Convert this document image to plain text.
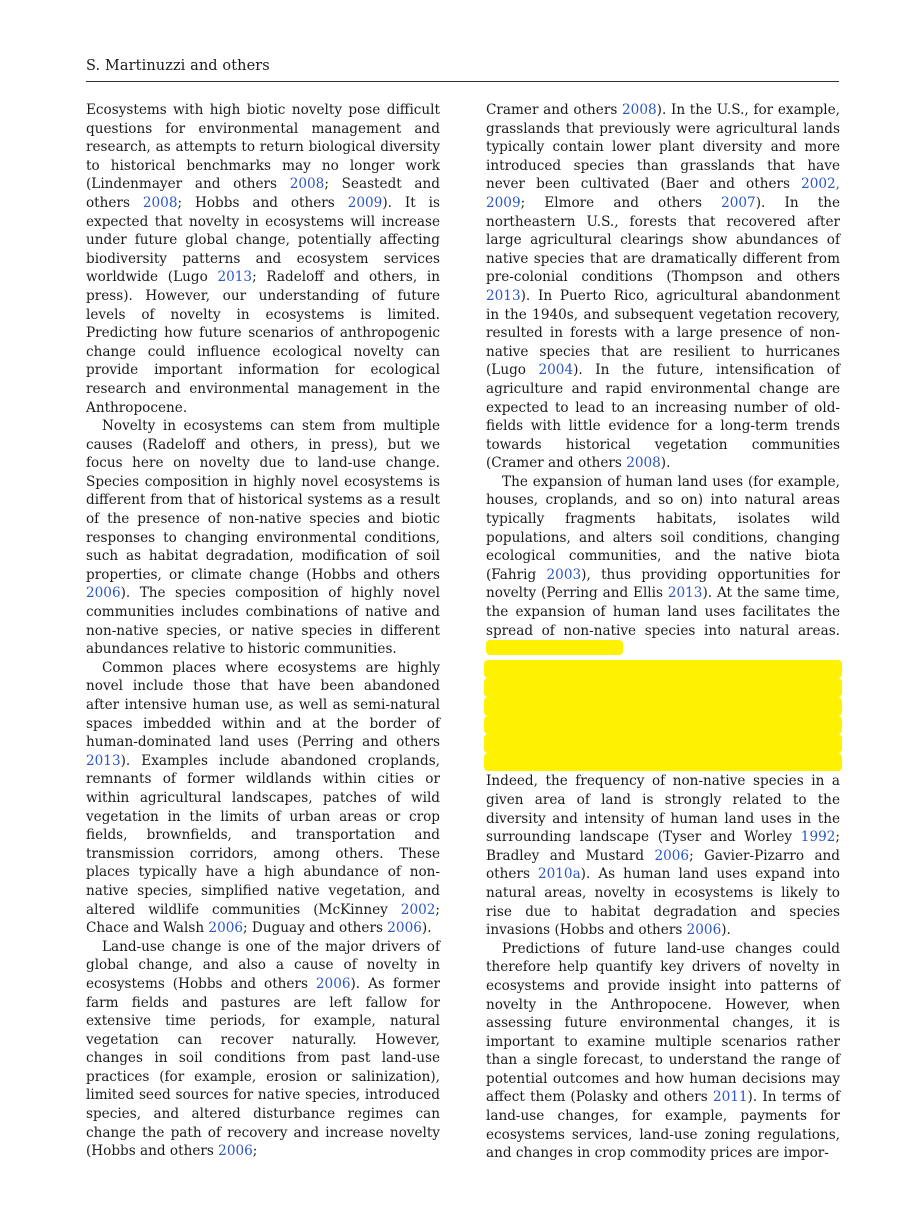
S. Martinuzzi and others

Ecosystems with high biotic novelty pose difficult questions for environmental management and research, as attempts to return biological diversity to historical benchmarks may no longer work (Lindenmayer and others 2008; Seastedt and others 2008; Hobbs and others 2009). It is expected that novelty in ecosystems will increase under future global change, potentially affecting biodiversity patterns and ecosystem services worldwide (Lugo 2013; Radeloff and others, in press). However, our understanding of future levels of novelty in ecosystems is limited. Predicting how future scenarios of anthropogenic change could influence ecological novelty can provide important information for ecological research and environmental management in the Anthropocene.

Novelty in ecosystems can stem from multiple causes (Radeloff and others, in press), but we focus here on novelty due to land-use change. Species composition in highly novel ecosystems is different from that of historical systems as a result of the presence of non-native species and biotic responses to changing environmental conditions, such as habitat degradation, modification of soil properties, or climate change (Hobbs and others 2006). The species composition of highly novel communities includes combinations of native and non-native species, or native species in different abundances relative to historic communities.

Common places where ecosystems are highly novel include those that have been abandoned after intensive human use, as well as semi-natural spaces imbedded within and at the border of human-dominated land uses (Perring and others 2013). Examples include abandoned croplands, remnants of former wildlands within cities or within agricultural landscapes, patches of wild vegetation in the limits of urban areas or crop fields, brownfields, and transportation and transmission corridors, among others. These places typically have a high abundance of non-native species, simplified native vegetation, and altered wildlife communities (McKinney 2002; Chace and Walsh 2006; Duguay and others 2006).

Land-use change is one of the major drivers of global change, and also a cause of novelty in ecosystems (Hobbs and others 2006). As former farm fields and pastures are left fallow for extensive time periods, for example, natural vegetation can recover naturally. However, changes in soil conditions from past land-use practices (for example, erosion or salinization), limited seed sources for native species, introduced species, and altered disturbance regimes can change the path of recovery and increase novelty (Hobbs and others 2006;

Cramer and others 2008). In the U.S., for example, grasslands that previously were agricultural lands typically contain lower plant diversity and more introduced species than grasslands that have never been cultivated (Baer and others 2002, 2009; Elmore and others 2007). In the northeastern U.S., forests that recovered after large agricultural clearings show abundances of native species that are dramatically different from pre-colonial conditions (Thompson and others 2013). In Puerto Rico, agricultural abandonment in the 1940s, and subsequent vegetation recovery, resulted in forests with a large presence of non-native species that are resilient to hurricanes (Lugo 2004). In the future, intensification of agriculture and rapid environmental change are expected to lead to an increasing number of old-fields with little evidence for a long-term trends towards historical vegetation communities (Cramer and others 2008).

The expansion of human land uses (for example, houses, croplands, and so on) into natural areas typically fragments habitats, isolates wild populations, and alters soil conditions, changing ecological communities, and the native biota (Fahrig 2003), thus providing opportunities for novelty (Perring and Ellis 2013). At the same time, the expansion of human land uses facilitates the spread of non-native species into natural areas.

Indeed, the frequency of non-native species in a given area of land is strongly related to the diversity and intensity of human land uses in the surrounding landscape (Tyser and Worley 1992; Bradley and Mustard 2006; Gavier-Pizarro and others 2010a). As human land uses expand into natural areas, novelty in ecosystems is likely to rise due to habitat degradation and species invasions (Hobbs and others 2006).

Predictions of future land-use changes could therefore help quantify key drivers of novelty in ecosystems and provide insight into patterns of novelty in the Anthropocene. However, when assessing future environmental changes, it is important to examine multiple scenarios rather than a single forecast, to understand the range of potential outcomes and how human decisions may affect them (Polasky and others 2011). In terms of land-use changes, for example, payments for ecosystems services, land-use zoning regulations, and changes in crop commodity prices are impor-
